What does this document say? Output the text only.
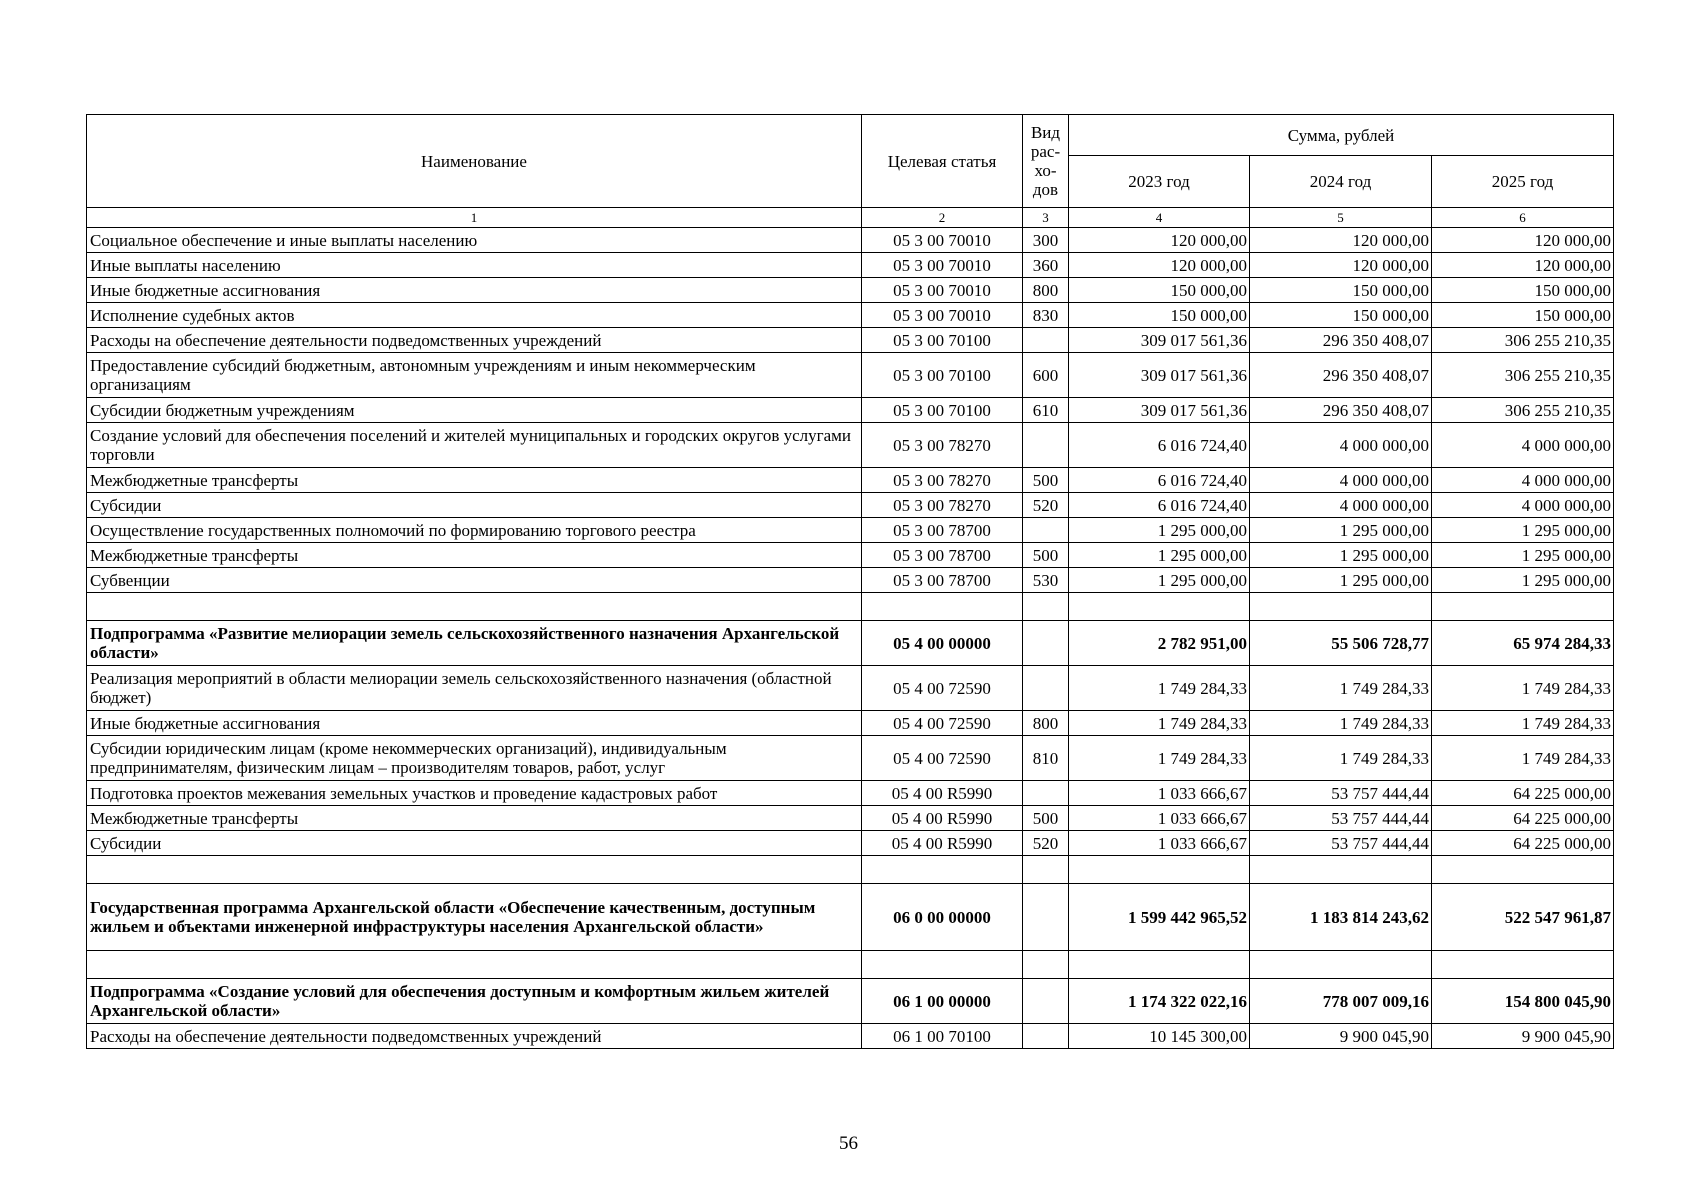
Наименование	Целевая статья	Вид рас-хо-дов	Сумма, рублей		
			2023 год	2024 год	2025 год
1	2	3	4	5	6
Социальное обеспечение и иные выплаты населению	05 3 00 70010	300	120 000,00	120 000,00	120 000,00
Иные выплаты населению	05 3 00 70010	360	120 000,00	120 000,00	120 000,00
Иные бюджетные ассигнования	05 3 00 70010	800	150 000,00	150 000,00	150 000,00
Исполнение судебных актов	05 3 00 70010	830	150 000,00	150 000,00	150 000,00
Расходы на обеспечение деятельности подведомственных учреждений	05 3 00 70100		309 017 561,36	296 350 408,07	306 255 210,35
Предоставление субсидий бюджетным, автономным учреждениям и иным некоммерческим организациям	05 3 00 70100	600	309 017 561,36	296 350 408,07	306 255 210,35
Субсидии бюджетным учреждениям	05 3 00 70100	610	309 017 561,36	296 350 408,07	306 255 210,35
Создание условий для обеспечения поселений и жителей муниципальных и городских округов услугами торговли	05 3 00 78270		6 016 724,40	4 000 000,00	4 000 000,00
Межбюджетные трансферты	05 3 00 78270	500	6 016 724,40	4 000 000,00	4 000 000,00
Субсидии	05 3 00 78270	520	6 016 724,40	4 000 000,00	4 000 000,00
Осуществление государственных полномочий по формированию торгового реестра	05 3 00 78700		1 295 000,00	1 295 000,00	1 295 000,00
Межбюджетные трансферты	05 3 00 78700	500	1 295 000,00	1 295 000,00	1 295 000,00
Субвенции	05 3 00 78700	530	1 295 000,00	1 295 000,00	1 295 000,00

Подпрограмма «Развитие мелиорации земель сельскохозяйственного назначения Архангельской области»	05 4 00 00000		2 782 951,00	55 506 728,77	65 974 284,33
Реализация мероприятий в области мелиорации земель сельскохозяйственного назначения (областной бюджет)	05 4 00 72590		1 749 284,33	1 749 284,33	1 749 284,33
Иные бюджетные ассигнования	05 4 00 72590	800	1 749 284,33	1 749 284,33	1 749 284,33
Субсидии юридическим лицам (кроме некоммерческих организаций), индивидуальным предпринимателям, физическим лицам – производителям товаров, работ, услуг	05 4 00 72590	810	1 749 284,33	1 749 284,33	1 749 284,33
Подготовка проектов межевания земельных участков и проведение кадастровых работ	05 4 00 R5990		1 033 666,67	53 757 444,44	64 225 000,00
Межбюджетные трансферты	05 4 00 R5990	500	1 033 666,67	53 757 444,44	64 225 000,00
Субсидии	05 4 00 R5990	520	1 033 666,67	53 757 444,44	64 225 000,00

Государственная программа Архангельской области «Обеспечение качественным, доступным жильем и объектами инженерной инфраструктуры населения Архангельской области»	06 0 00 00000		1 599 442 965,52	1 183 814 243,62	522 547 961,87

Подпрограмма «Создание условий для обеспечения доступным и комфортным жильем жителей Архангельской области»	06 1 00 00000		1 174 322 022,16	778 007 009,16	154 800 045,90
Расходы на обеспечение деятельности подведомственных учреждений	06 1 00 70100		10 145 300,00	9 900 045,90	9 900 045,90
56
